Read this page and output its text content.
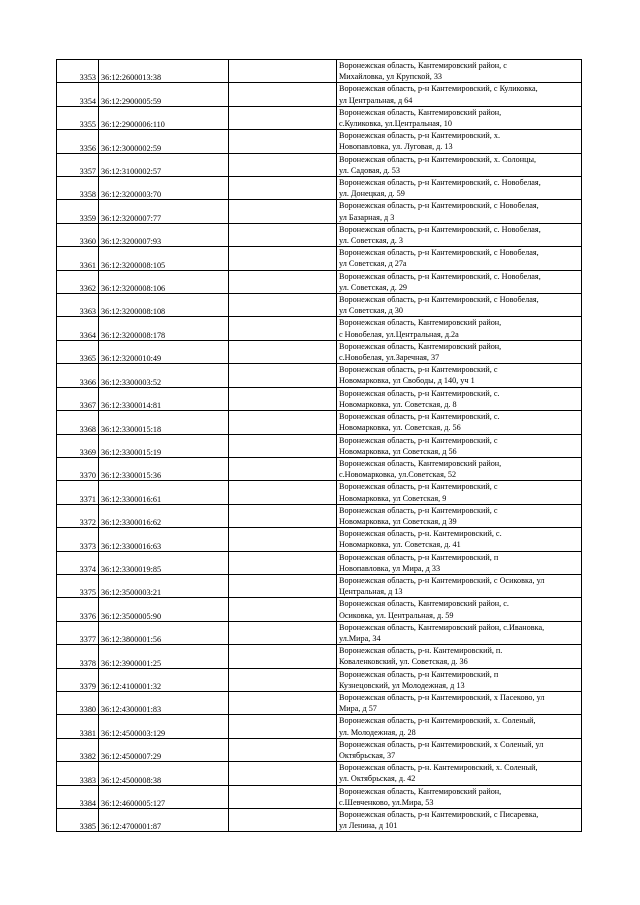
3353	36:12:2600013:38		Воронежская область, Кантемировский район, с
Михайловка, ул Крупской, 33

3354	36:12:2900005:59		Воронежская область, р-н Кантемировский, с Куликовка,
ул Центральная, д 64

3355	36:12:2900006:110		Воронежская область, Кантемировский район,
с.Куликовка, ул.Центральная, 10

3356	36:12:3000002:59		Воронежская область, р-н Кантемировский, х.
Новопавловка, ул. Луговая, д. 13

3357	36:12:3100002:57		Воронежская область, р-н Кантемировский, х. Солонцы,
ул. Садовая, д. 53

3358	36:12:3200003:70		Воронежская область, р-н Кантемировский, с. Новобелая,
ул. Донецкая, д. 59

3359	36:12:3200007:77		Воронежская область, р-н Кантемировский, с Новобелая,
ул Базарная, д 3

3360	36:12:3200007:93		Воронежская область, р-н Кантемировский, с. Новобелая,
ул. Советская, д. 3

3361	36:12:3200008:105		Воронежская область, р-н Кантемировский, с Новобелая,
ул Советская, д 27а

3362	36:12:3200008:106		Воронежская область, р-н Кантемировский, с. Новобелая,
ул. Советская, д. 29

3363	36:12:3200008:108		Воронежская область, р-н Кантемировский, с Новобелая,
ул Советская, д 30

3364	36:12:3200008:178		Воронежская область, Кантемировский район,
с Новобелая, ул.Центральная, д.2а

3365	36:12:3200010:49		Воронежская область, Кантемировский район,
с.Новобелая, ул.Заречная, 37

3366	36:12:3300003:52		Воронежская область, р-н Кантемировский, с
Новомарковка, ул Свободы, д 140, уч 1

3367	36:12:3300014:81		Воронежская область, р-н Кантемировский, с.
Новомарковка, ул. Советская, д. 8

3368	36:12:3300015:18		Воронежская область, р-н Кантемировский, с.
Новомарковка, ул. Советская, д. 56

3369	36:12:3300015:19		Воронежская область, р-н Кантемировский, с
Новомарковка, ул Советская, д 56

3370	36:12:3300015:36		Воронежская область, Кантемировский район,
с.Новомарковка, ул.Советская, 52

3371	36:12:3300016:61		Воронежская область, р-н Кантемировский, с
Новомарковка, ул Советская, 9

3372	36:12:3300016:62		Воронежская область, р-н Кантемировский, с
Новомарковка, ул Советская, д 39

3373	36:12:3300016:63		Воронежская область, р-н. Кантемировский, с.
Новомарковка, ул. Советская, д. 41

3374	36:12:3300019:85		Воронежская область, р-н Кантемировский, п
Новопавловка, ул Мира, д 33

3375	36:12:3500003:21		Воронежская область, р-н Кантемировский, с Осиковка, ул
Центральная, д 13

3376	36:12:3500005:90		Воронежская область, Кантемировский район, с.
Осиковка, ул. Центральная, д. 59

3377	36:12:3800001:56		Воронежская область, Кантемировский район, с.Ивановка,
ул.Мира, 34

3378	36:12:3900001:25		Воронежская область, р-н. Кантемировский, п.
Коваленковский, ул. Советская, д. 36

3379	36:12:4100001:32		Воронежская область, р-н Кантемировский, п
Кузнецовский, ул Молодежная, д 13

3380	36:12:4300001:83		Воронежская область, р-н Кантемировский, х Пасеково, ул
Мира, д 57

3381	36:12:4500003:129		Воронежская область, р-н Кантемировский, х. Соленый,
ул. Молодежная, д. 28

3382	36:12:4500007:29		Воронежская область, р-н Кантемировский, х Соленый, ул
Октябрьская, 37

3383	36:12:4500008:38		Воронежская область, р-н. Кантемировский, х. Соленый,
ул. Октябрьская, д. 42

3384	36:12:4600005:127		Воронежская область, Кантемировский район,
с.Шевченково, ул.Мира, 53

3385	36:12:4700001:87		Воронежская область, р-н Кантемировский, с Писаревка,
ул Ленина, д 101
